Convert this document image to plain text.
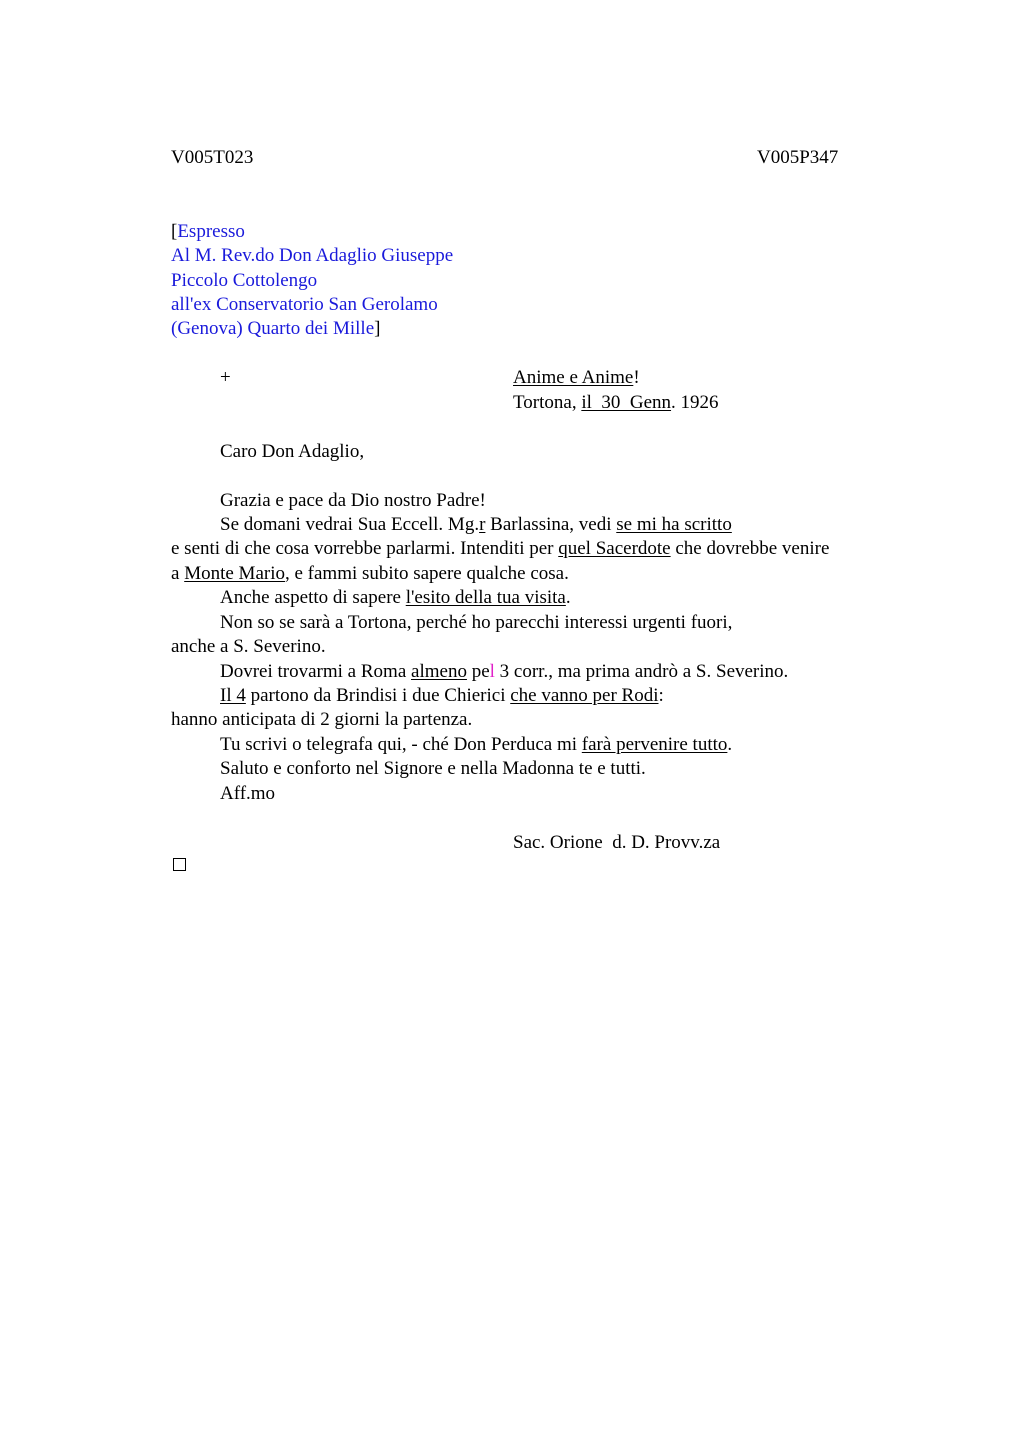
V005T023	V005P347
[Espresso
Al M. Rev.do Don Adaglio Giuseppe
Piccolo Cottolengo
all'ex Conservatorio San Gerolamo
(Genova) Quarto dei Mille]
+	Anime e Anime!
Tortona, il  30  Genn. 1926
Caro Don Adaglio,
Grazia e pace da Dio nostro Padre!
Se domani vedrai Sua Eccell. Mg.r Barlassina, vedi se mi ha scritto
e senti di che cosa vorrebbe parlarmi. Intenditi per quel Sacerdote che dovrebbe venire
a Monte Mario, e fammi subito sapere qualche cosa.
Anche aspetto di sapere l'esito della tua visita.
Non so se sarà a Tortona, perché ho parecchi interessi urgenti fuori,
anche a S. Severino.
Dovrei trovarmi a Roma almeno pel 3 corr., ma prima andrò a S. Severino.
Il 4 partono da Brindisi i due Chierici che vanno per Rodi:
hanno anticipata di 2 giorni la partenza.
Tu scrivi o telegrafa qui, - ché Don Perduca mi farà pervenire tutto.
Saluto e conforto nel Signore e nella Madonna te e tutti.
Aff.mo
Sac. Orione  d. D. Provv.za
